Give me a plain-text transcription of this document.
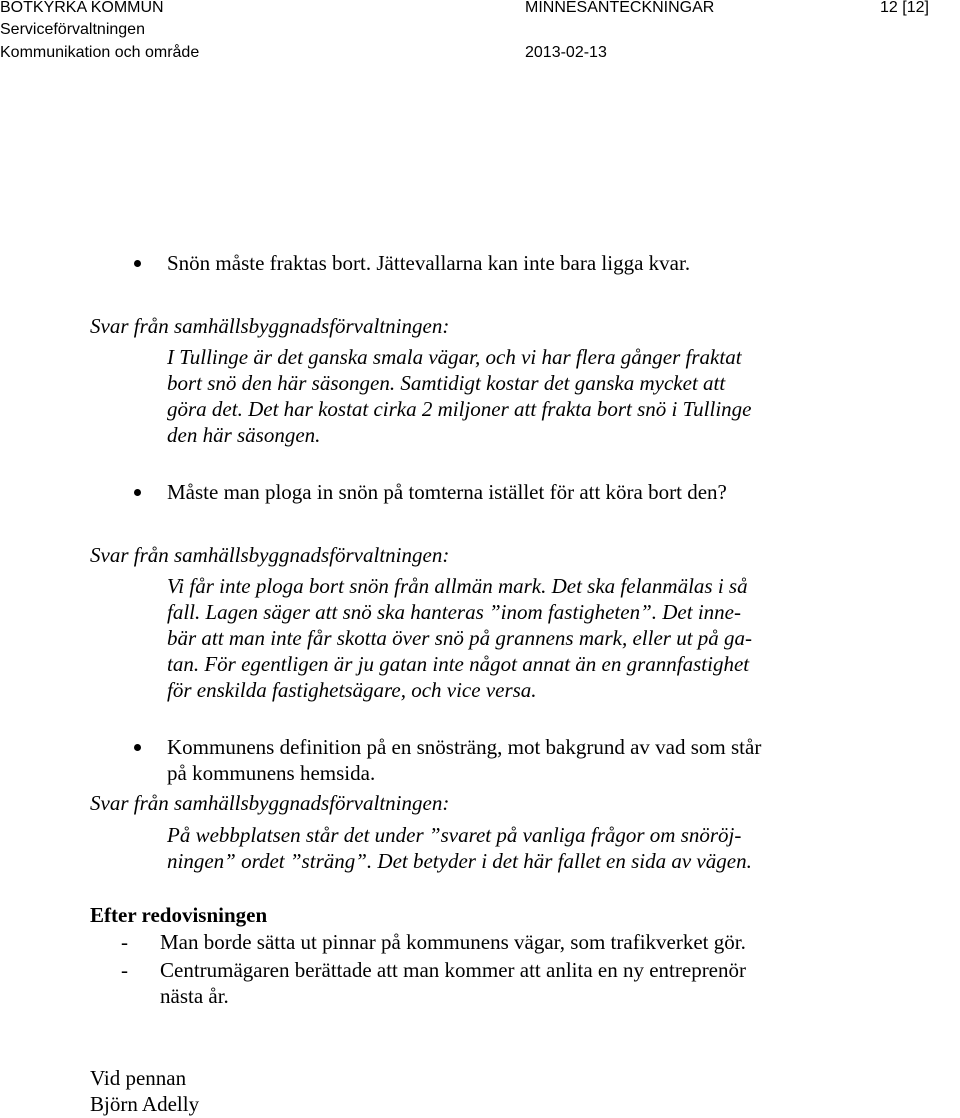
BOTKYRKA KOMMUN
Serviceförvaltningen
Kommunikation och område
MINNESANTECKNINGAR
2013-02-13
12 [12]
Snön måste fraktas bort. Jättevallarna kan inte bara ligga kvar.
Svar från samhällsbyggnadsförvaltningen:
I Tullinge är det ganska smala vägar, och vi har flera gånger fraktat
bort snö den här säsongen. Samtidigt kostar det ganska mycket att
göra det. Det har kostat cirka 2 miljoner att frakta bort snö i Tullinge
den här säsongen.
Måste man ploga in snön på tomterna istället för att köra bort den?
Svar från samhällsbyggnadsförvaltningen:
Vi får inte ploga bort snön från allmän mark. Det ska felanmälas i så
fall. Lagen säger att snö ska hanteras ”inom fastigheten”. Det inne-
bär att man inte får skotta över snö på grannens mark, eller ut på ga-
tan. För egentligen är ju gatan inte något annat än en grannfastighet
för enskilda fastighetsägare, och vice versa.
Kommunens definition på en snösträng, mot bakgrund av vad som står
på kommunens hemsida.
Svar från samhällsbyggnadsförvaltningen:
På webbplatsen står det under ”svaret på vanliga frågor om snöröj-
ningen” ordet ”sträng”. Det betyder i det här fallet en sida av vägen.
Efter redovisningen
- Man borde sätta ut pinnar på kommunens vägar, som trafikverket gör.
- Centrumägaren berättade att man kommer att anlita en ny entreprenör
nästa år.
Vid pennan
Björn Adelly
